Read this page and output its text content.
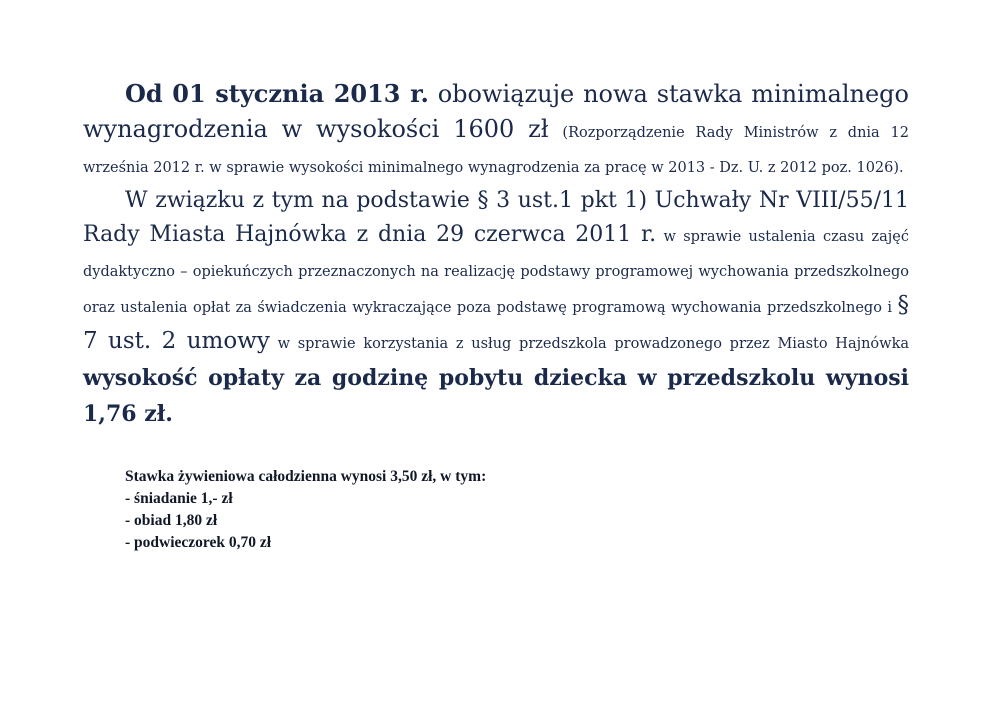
Od 01 stycznia 2013 r. obowiązuje nowa stawka minimalnego wynagrodzenia w wysokości 1600 zł (Rozporządzenie Rady Ministrów z dnia 12 września 2012 r. w sprawie wysokości minimalnego wynagrodzenia za pracę w 2013 - Dz. U. z 2012 poz. 1026).

W związku z tym na podstawie § 3 ust.1 pkt 1) Uchwały Nr VIII/55/11 Rady Miasta Hajnówka z dnia 29 czerwca 2011 r. w sprawie ustalenia czasu zajęć dydaktyczno – opiekuńczych przeznaczonych na realizację podstawy programowej wychowania przedszkolnego oraz ustalenia opłat za świadczenia wykraczające poza podstawę programową wychowania przedszkolnego i § 7 ust. 2 umowy w sprawie korzystania z usług przedszkola prowadzonego przez Miasto Hajnówka wysokość opłaty za godzinę pobytu dziecka w przedszkolu wynosi 1,76 zł.

Stawka żywieniowa całodzienna wynosi 3,50 zł, w tym:
- śniadanie 1,- zł
- obiad 1,80 zł
- podwieczorek 0,70 zł
